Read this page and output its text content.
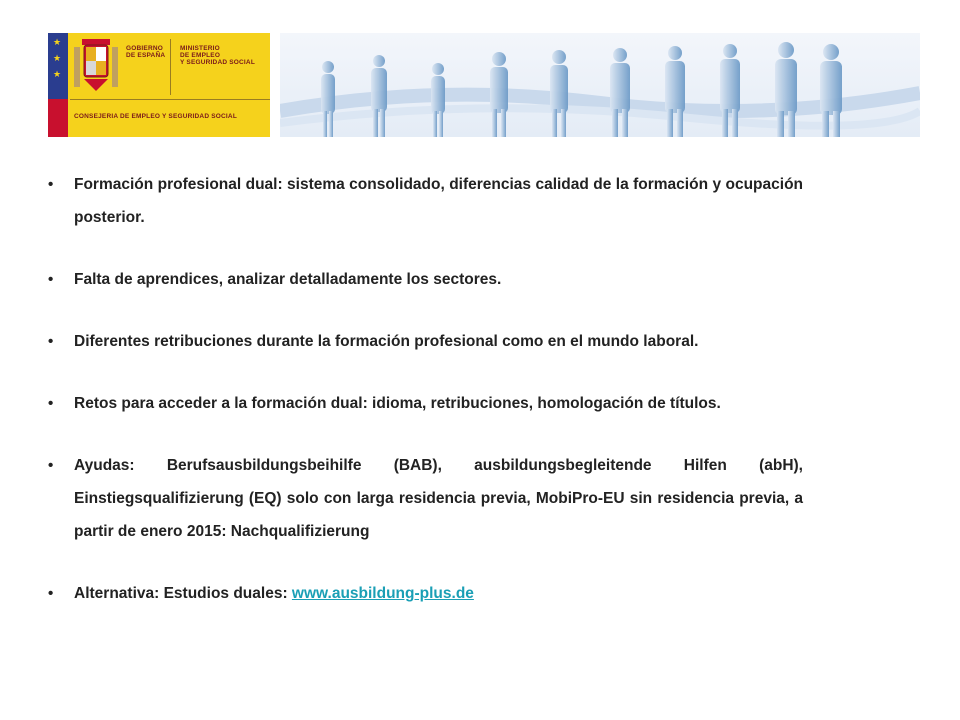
★
★
★
GOBIERNO
DE ESPAÑA
MINISTERIO
DE EMPLEO
Y SEGURIDAD SOCIAL
CONSEJERIA DE EMPLEO Y SEGURIDAD SOCIAL
• Formación profesional dual: sistema consolidado, diferencias calidad de la formación y ocupación posterior.
• Falta de aprendices, analizar detalladamente los sectores.
• Diferentes retribuciones durante la formación profesional como en el mundo laboral.
• Retos para acceder a la formación dual: idioma, retribuciones, homologación de títulos.
• Ayudas: Berufsausbildungsbeihilfe (BAB), ausbildungsbegleitende Hilfen (abH), Einstiegsqualifizierung (EQ) solo con larga residencia previa, MobiPro-EU sin residencia previa, a partir de enero 2015: Nachqualifizierung
• Alternativa: Estudios duales: www.ausbildung-plus.de
